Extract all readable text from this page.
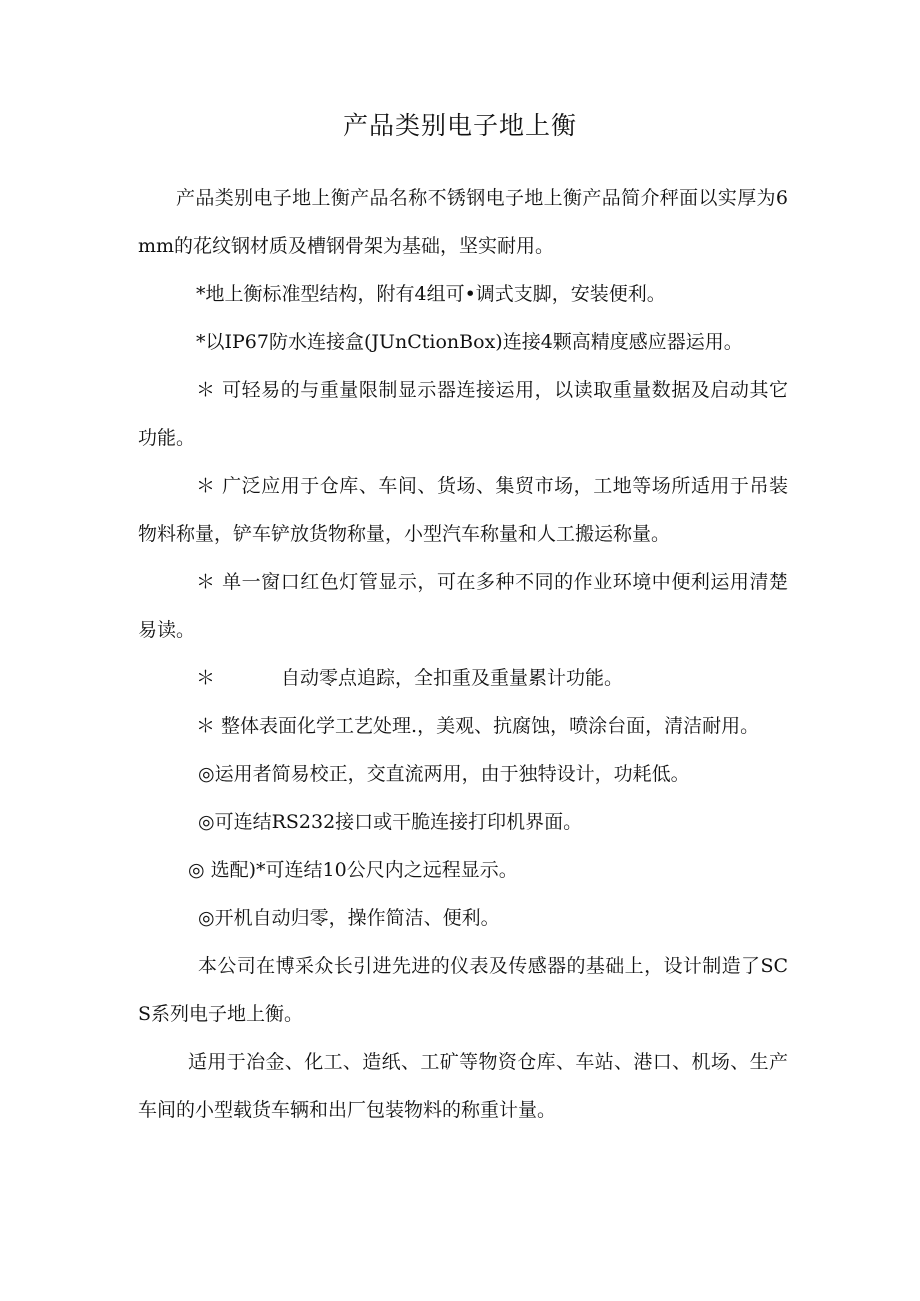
产品类别电子地上衡

产品类别电子地上衡产品名称不锈钢电子地上衡产品简介秤面以实厚为6mm的花纹钢材质及槽钢骨架为基础，坚实耐用。

*地上衡标准型结构，附有4组可•调式支脚，安装便利。

*以IP67防水连接盒(JUnCtionBox)连接4颗高精度感应器运用。

＊ 可轻易的与重量限制显示器连接运用，以读取重量数据及启动其它功能。

＊ 广泛应用于仓库、车间、货场、集贸市场，工地等场所适用于吊装物料称量，铲车铲放货物称量，小型汽车称量和人工搬运称量。

＊ 单一窗口红色灯管显示，可在多种不同的作业环境中便利运用清楚易读。

＊	自动零点追踪，全扣重及重量累计功能。

＊ 整体表面化学工艺处理.，美观、抗腐蚀，喷涂台面，清洁耐用。

◎运用者简易校正，交直流两用，由于独特设计，功耗低。

◎可连结RS232接口或干脆连接打印机界面。

◎ 选配)*可连结10公尺内之远程显示。

◎开机自动归零，操作简洁、便利。

本公司在博采众长引进先进的仪表及传感器的基础上，设计制造了SCS系列电子地上衡。

适用于冶金、化工、造纸、工矿等物资仓库、车站、港口、机场、生产车间的小型载货车辆和出厂包装物料的称重计量。
